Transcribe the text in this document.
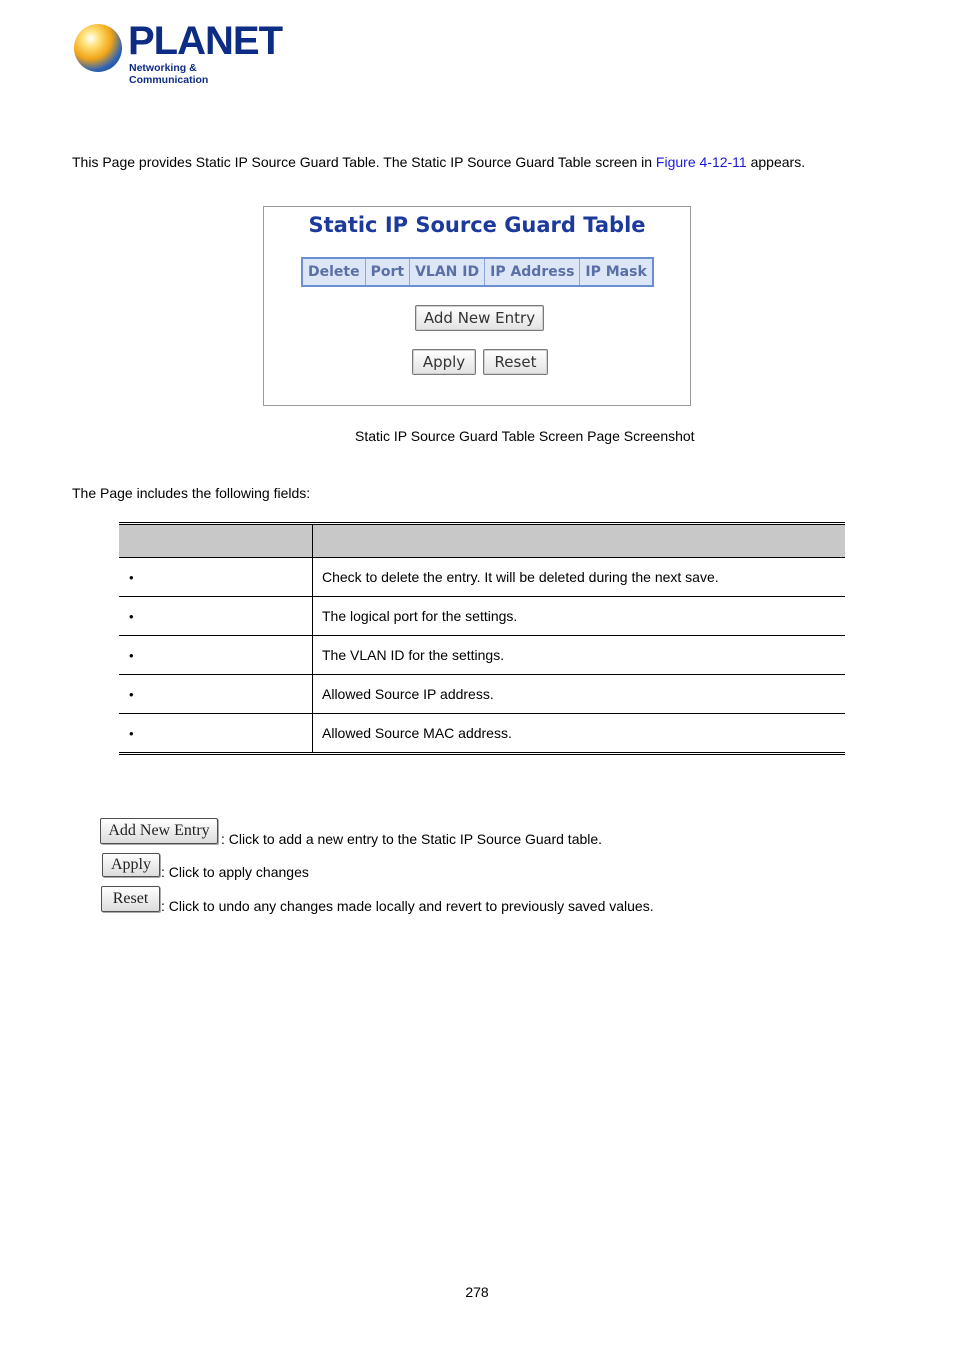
PLANET
Networking & Communication
This Page provides Static IP Source Guard Table. The Static IP Source Guard Table screen in Figure 4-12-11 appears.
Static IP Source Guard Table
Delete	Port	VLAN ID	IP Address	IP Mask
Add New Entry
Apply	Reset
Static IP Source Guard Table Screen Page Screenshot
The Page includes the following fields:

•	Check to delete the entry. It will be deleted during the next save.
•	The logical port for the settings.
•	The VLAN ID for the settings.
•	Allowed Source IP address.
•	Allowed Source MAC address.
Add New Entry : Click to add a new entry to the Static IP Source Guard table.
Apply : Click to apply changes
Reset : Click to undo any changes made locally and revert to previously saved values.
278
